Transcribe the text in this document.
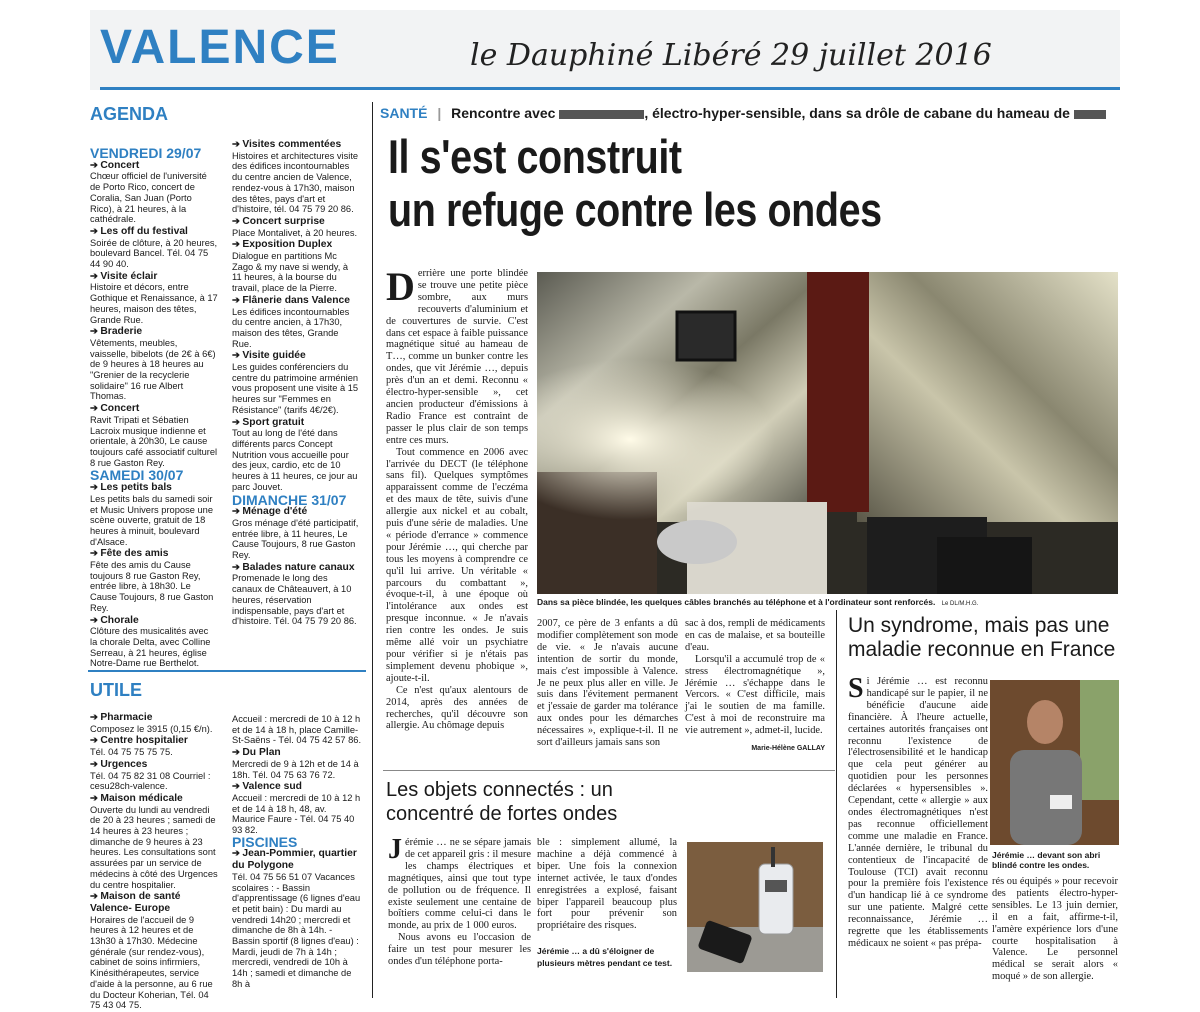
VALENCE	le Dauphiné Libéré 29 juillet 2016
AGENDA
VENDREDI 29/07
➔ Concert
Chœur officiel de l'université de Porto Rico, concert de Coralia, San Juan (Porto Rico), à 21 heures, à la cathédrale.
➔ Les off du festival
Soirée de clôture, à 20 heures, boulevard Bancel. Tél. 04 75 44 90 40.
➔ Visite éclair
Histoire et décors, entre Gothique et Renaissance, à 17 heures, maison des têtes, Grande Rue.
➔ Braderie
Vêtements, meubles, vaisselle, bibelots (de 2€ à 6€) de 9 heures à 18 heures au "Grenier de la recyclerie solidaire" 16 rue Albert Thomas.
➔ Concert
Ravit Tripati et Sébatien Lacroix musique indienne et orientale, à 20h30, Le cause toujours café associatif culturel 8 rue Gaston Rey.
SAMEDI 30/07
➔ Les petits bals
Les petits bals du samedi soir et Music Univers propose une scène ouverte, gratuit de 18 heures à minuit, boulevard d'Alsace.
➔ Fête des amis
Fête des amis du Cause toujours 8 rue Gaston Rey, entrée libre, à 18h30. Le Cause Toujours, 8 rue Gaston Rey.
➔ Chorale
Clôture des musicalités avec la chorale Delta, avec Colline Serreau, à 21 heures, église Notre-Dame rue Berthelot.
➔ Visites commentées
Histoires et architectures visite des édifices incontournables du centre ancien de Valence, rendez-vous à 17h30, maison des têtes, pays d'art et d'histoire, tél. 04 75 79 20 86.
➔ Concert surprise
Place Montalivet, à 20 heures.
➔ Exposition Duplex
Dialogue en partitions Mc Zago & my nave si wendy, à 11 heures, à la bourse du travail, place de la Pierre.
➔ Flânerie dans Valence
Les édifices incontournables du centre ancien, à 17h30, maison des têtes, Grande Rue.
➔ Visite guidée
Les guides conférenciers du centre du patrimoine arménien vous proposent une visite à 15 heures sur "Femmes en Résistance" (tarifs 4€/2€).
➔ Sport gratuit
Tout au long de l'été dans différents parcs Concept Nutrition vous accueille pour des jeux, cardio, etc de 10 heures à 11 heures, ce jour au parc Jouvet.
DIMANCHE 31/07
➔ Ménage d'été
Gros ménage d'été participatif, entrée libre, à 11 heures, Le Cause Toujours, 8 rue Gaston Rey.
➔ Balades nature canaux
Promenade le long des canaux de Châteauvert, à 10 heures, réservation indispensable, pays d'art et d'histoire. Tél. 04 75 79 20 86.
UTILE
➔ Pharmacie
Composez le 3915 (0,15 €/n).
➔ Centre hospitalier
Tél. 04 75 75 75 75.
➔ Urgences
Tél. 04 75 82 31 08 Courriel : cesu28ch-valence.
➔ Maison médicale
Ouverte du lundi au vendredi de 20 à 23 heures ; samedi de 14 heures à 23 heures ; dimanche de 9 heures à 23 heures. Les consultations sont assurées par un service de médecins à côté des Urgences du centre hospitalier.
➔ Maison de santé Valence- Europe
Horaires de l'accueil de 9 heures à 12 heures et de 13h30 à 17h30. Médecine générale (sur rendez-vous), cabinet de soins infirmiers, Kinésithérapeutes, service d'aide à la personne, au 6 rue du Docteur Koherian, Tél. 04 75 43 04 75.
Accueil : mercredi de 10 à 12 h et de 14 à 18 h, place Camille-St-Saëns - Tél. 04 75 42 57 86.
➔ Du Plan
Mercredi de 9 à 12h et de 14 à 18h. Tél. 04 75 63 76 72.
➔ Valence sud
Accueil : mercredi de 10 à 12 h et de 14 à 18 h, 48, av. Maurice Faure - Tél. 04 75 40 93 82.
PISCINES
➔ Jean-Pommier, quartier du Polygone
Tél. 04 75 56 51 07 Vacances scolaires : - Bassin d'apprentissage (6 lignes d'eau et petit bain) : Du mardi au vendredi 14h20 ; mercredi et dimanche de 8h à 14h. - Bassin sportif (8 lignes d'eau) : Mardi, jeudi de 7h à 14h ; mercredi, vendredi de 10h à 14h ; samedi et dimanche de 8h à
SANTÉ | Rencontre avec	, électro-hyper-sensible, dans sa drôle de cabane du hameau de
Il s'est construit
un refuge contre les ondes
Derrière une porte blindée se trouve une petite pièce sombre, aux murs recouverts d'aluminium et de couvertures de survie. C'est dans cet espace à faible puissance magnétique situé au hameau de T…, comme un bunker contre les ondes, que vit Jérémie …, depuis près d'un an et demi. Reconnu « électro-hyper-sensible », cet ancien producteur d'émissions à Radio France est contraint de passer le plus clair de son temps entre ces murs.

Tout commence en 2006 avec l'arrivée du DECT (le téléphone sans fil). Quelques symptômes apparaissent comme de l'eczéma et des maux de tête, suivis d'une allergie aux nickel et au cobalt, puis d'une série de maladies. Une « période d'errance » commence pour Jérémie …, qui cherche par tous les moyens à comprendre ce qu'il lui arrive. Un véritable « parcours du combattant », évoque-t-il, à une époque où l'intolérance aux ondes est presque inconnue. « Je n'avais rien contre les ondes. Je suis même allé voir un psychiatre pour vérifier si je n'étais pas simplement devenu phobique », ajoute-t-il.

Ce n'est qu'aux alentours de 2014, après des années de recherches, qu'il découvre son allergie. Au chômage depuis

Dans sa pièce blindée, les quelques câbles branchés au téléphone et à l'ordinateur sont renforcés. Le DL/M.H.G.
2007, ce père de 3 enfants a dû modifier complètement son mode de vie. « Je n'avais aucune intention de sortir du monde, mais c'est impossible à Valence. Je ne peux plus aller en ville. Je suis dans l'évitement permanent et j'essaie de garder ma tolérance aux ondes pour les démarches nécessaires », explique-t-il. Il ne sort d'ailleurs jamais sans son
sac à dos, rempli de médicaments en cas de malaise, et sa bouteille d'eau.

Lorsqu'il a accumulé trop de « stress électromagnétique », Jérémie … s'échappe dans le Vercors. « C'est difficile, mais j'ai le soutien de ma famille. C'est à moi de reconstruire ma vie autrement », admet-il, lucide.

Marie-Hélène GALLAY

Les objets connectés : un concentré de fortes ondes
Jérémie … ne se sépare jamais de cet appareil gris : il mesure les champs électriques et magnétiques, ainsi que tout type de pollution ou de fréquence. Il existe seulement une centaine de boîtiers comme celui-ci dans le monde, au prix de 1 000 euros.

Nous avons eu l'occasion de faire un test pour mesurer les ondes d'un téléphone porta-

ble : simplement allumé, la machine a déjà commencé à biper. Une fois la connexion internet activée, le taux d'ondes enregistrées a explosé, faisant biper l'appareil beaucoup plus fort pour prévenir son propriétaire des risques.

Jérémie … a dû s'éloigner de plusieurs mètres pendant ce test.

Un syndrome, mais pas une maladie reconnue en France
Si Jérémie … est reconnu handicapé sur le papier, il ne bénéficie d'aucune aide financière. À l'heure actuelle, certaines autorités françaises ont reconnu l'existence de l'électrosensibilité et le handicap que cela peut générer au quotidien pour les personnes déclarées « hypersensibles ». Cependant, cette « allergie » aux ondes électromagnétiques n'est pas reconnue officiellement comme une maladie en France. L'année dernière, le tribunal du contentieux de l'incapacité de Toulouse (TCI) avait reconnu pour la première fois l'existence d'un handicap lié à ce syndrome sur une patiente. Malgré cette reconnaissance, Jérémie … regrette que les établissements médicaux ne soient « pas prépa-
Jérémie … devant son abri blindé contre les ondes.
rés ou équipés » pour recevoir des patients électro-hyper-sensibles. Le 13 juin dernier, il en a fait, affirme-t-il, l'amère expérience lors d'une courte hospitalisation à Valence. Le personnel médical se serait alors « moqué » de son allergie.
